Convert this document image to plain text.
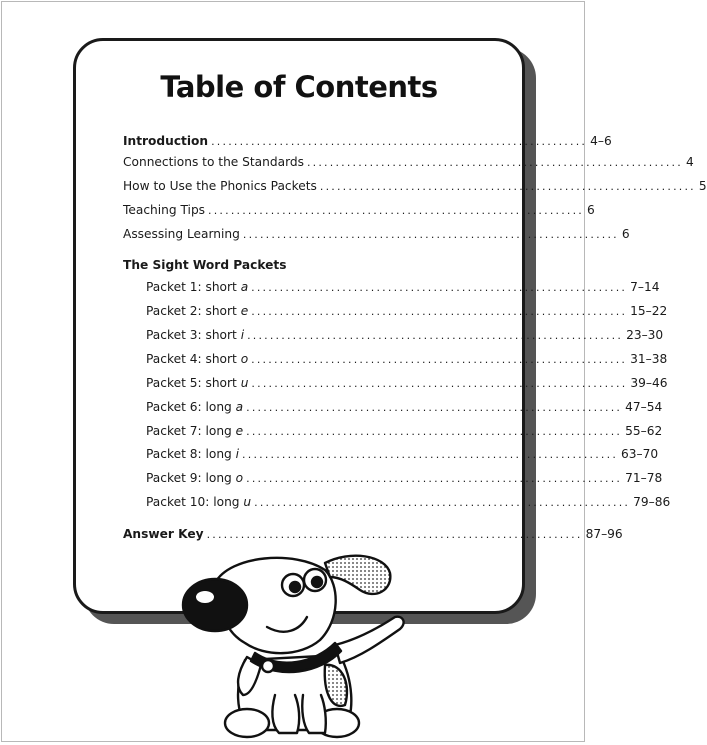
Table of Contents
Introduction .................................................................. 4–6
Connections to the Standards .................................................................. 4
How to Use the Phonics Packets .................................................................. 5
Teaching Tips .................................................................. 6
Assessing Learning .................................................................. 6
The Sight Word Packets
Packet 1: short a .................................................................. 7–14
Packet 2: short e .................................................................. 15–22
Packet 3: short i .................................................................. 23–30
Packet 4: short o .................................................................. 31–38
Packet 5: short u .................................................................. 39–46
Packet 6: long a .................................................................. 47–54
Packet 7: long e .................................................................. 55–62
Packet 8: long i .................................................................. 63–70
Packet 9: long o .................................................................. 71–78
Packet 10: long u .................................................................. 79–86
Answer Key .................................................................. 87–96
